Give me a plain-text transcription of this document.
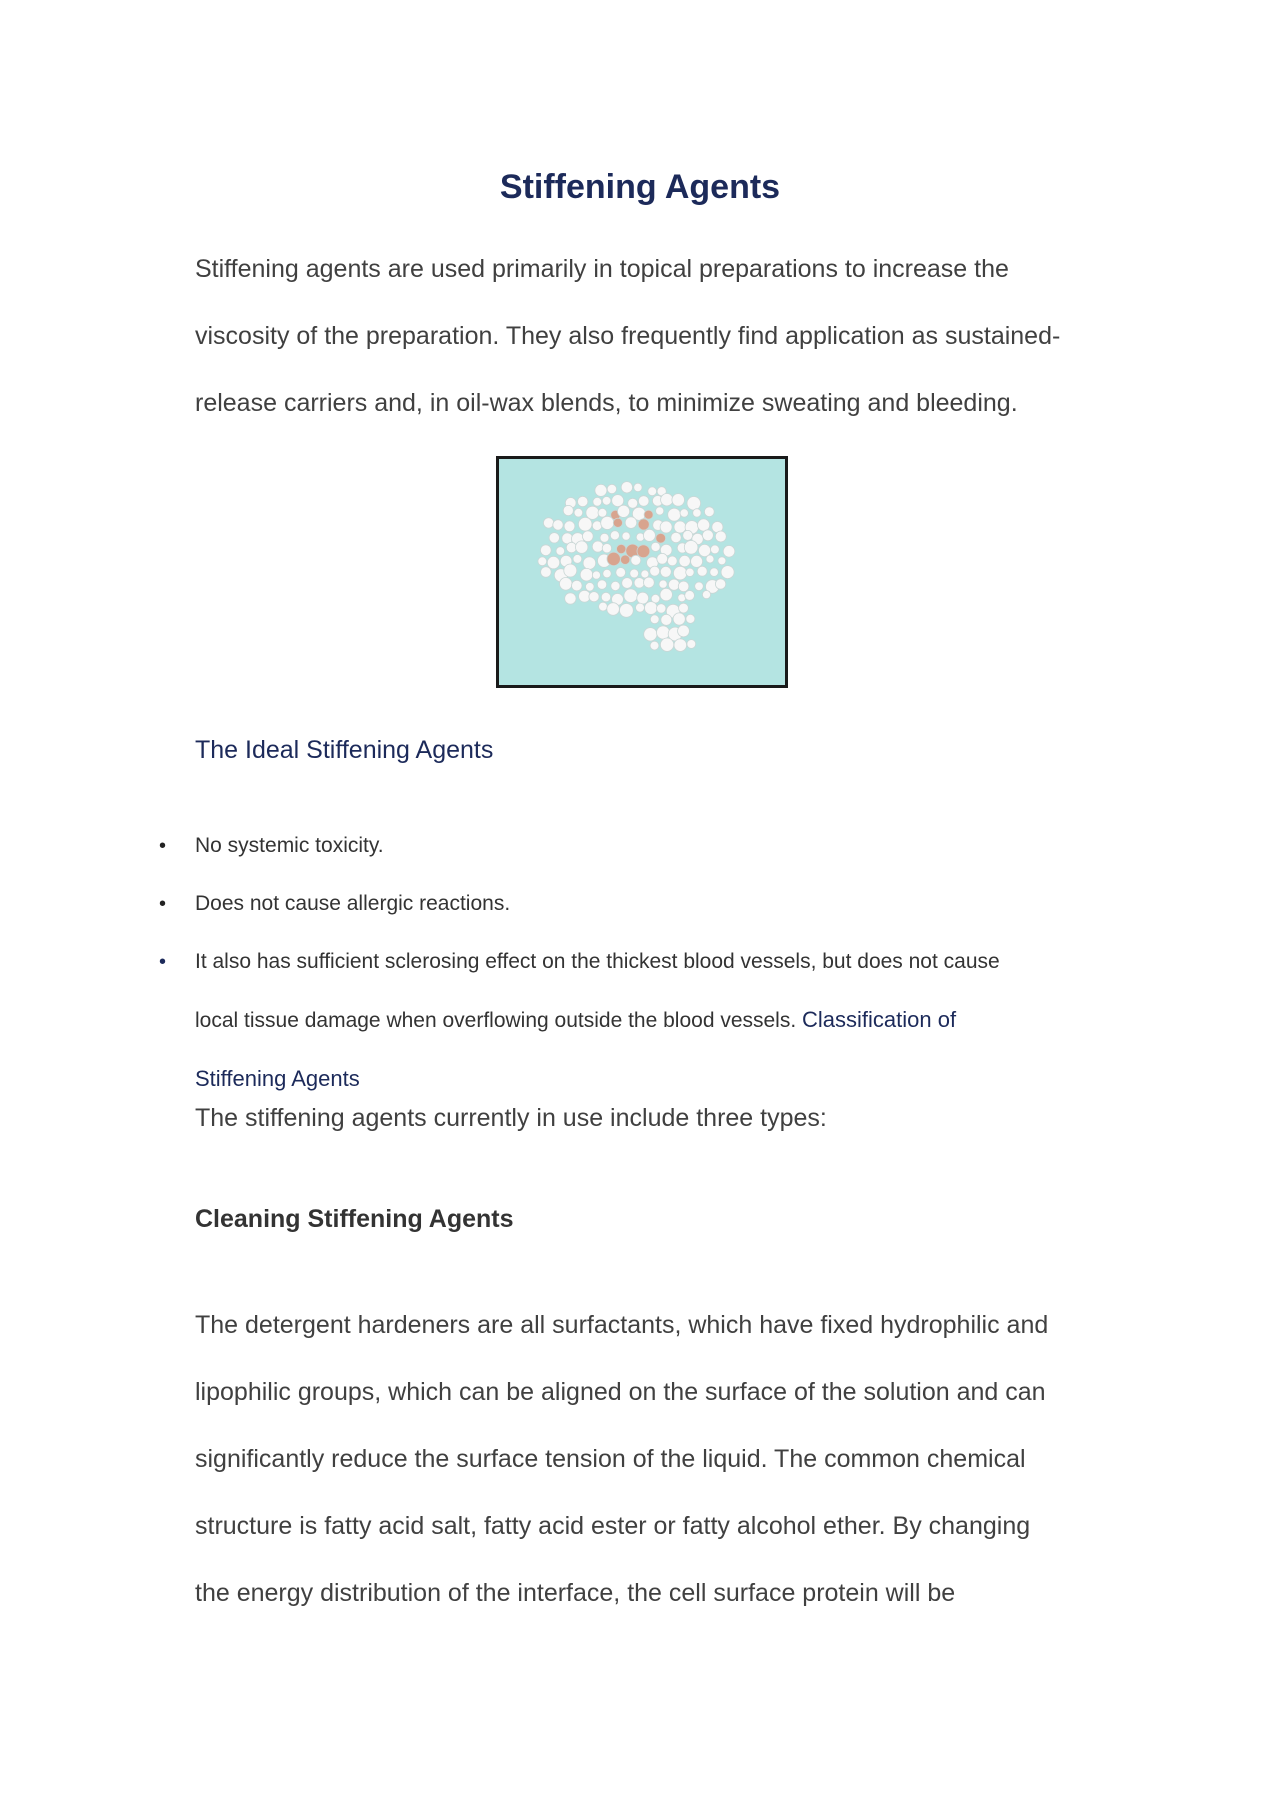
Stiffening Agents

Stiffening agents are used primarily in topical preparations to increase the
viscosity of the preparation. They also frequently find application as sustained-
release carriers and, in oil-wax blends, to minimize sweating and bleeding.

The Ideal Stiffening Agents
• No systemic toxicity.
• Does not cause allergic reactions.
• It also has sufficient sclerosing effect on the thickest blood vessels, but does not cause
local tissue damage when overflowing outside the blood vessels. Classification of
Stiffening Agents

The stiffening agents currently in use include three types:

Cleaning Stiffening Agents

The detergent hardeners are all surfactants, which have fixed hydrophilic and
lipophilic groups, which can be aligned on the surface of the solution and can
significantly reduce the surface tension of the liquid. The common chemical
structure is fatty acid salt, fatty acid ester or fatty alcohol ether. By changing
the energy distribution of the interface, the cell surface protein will be
